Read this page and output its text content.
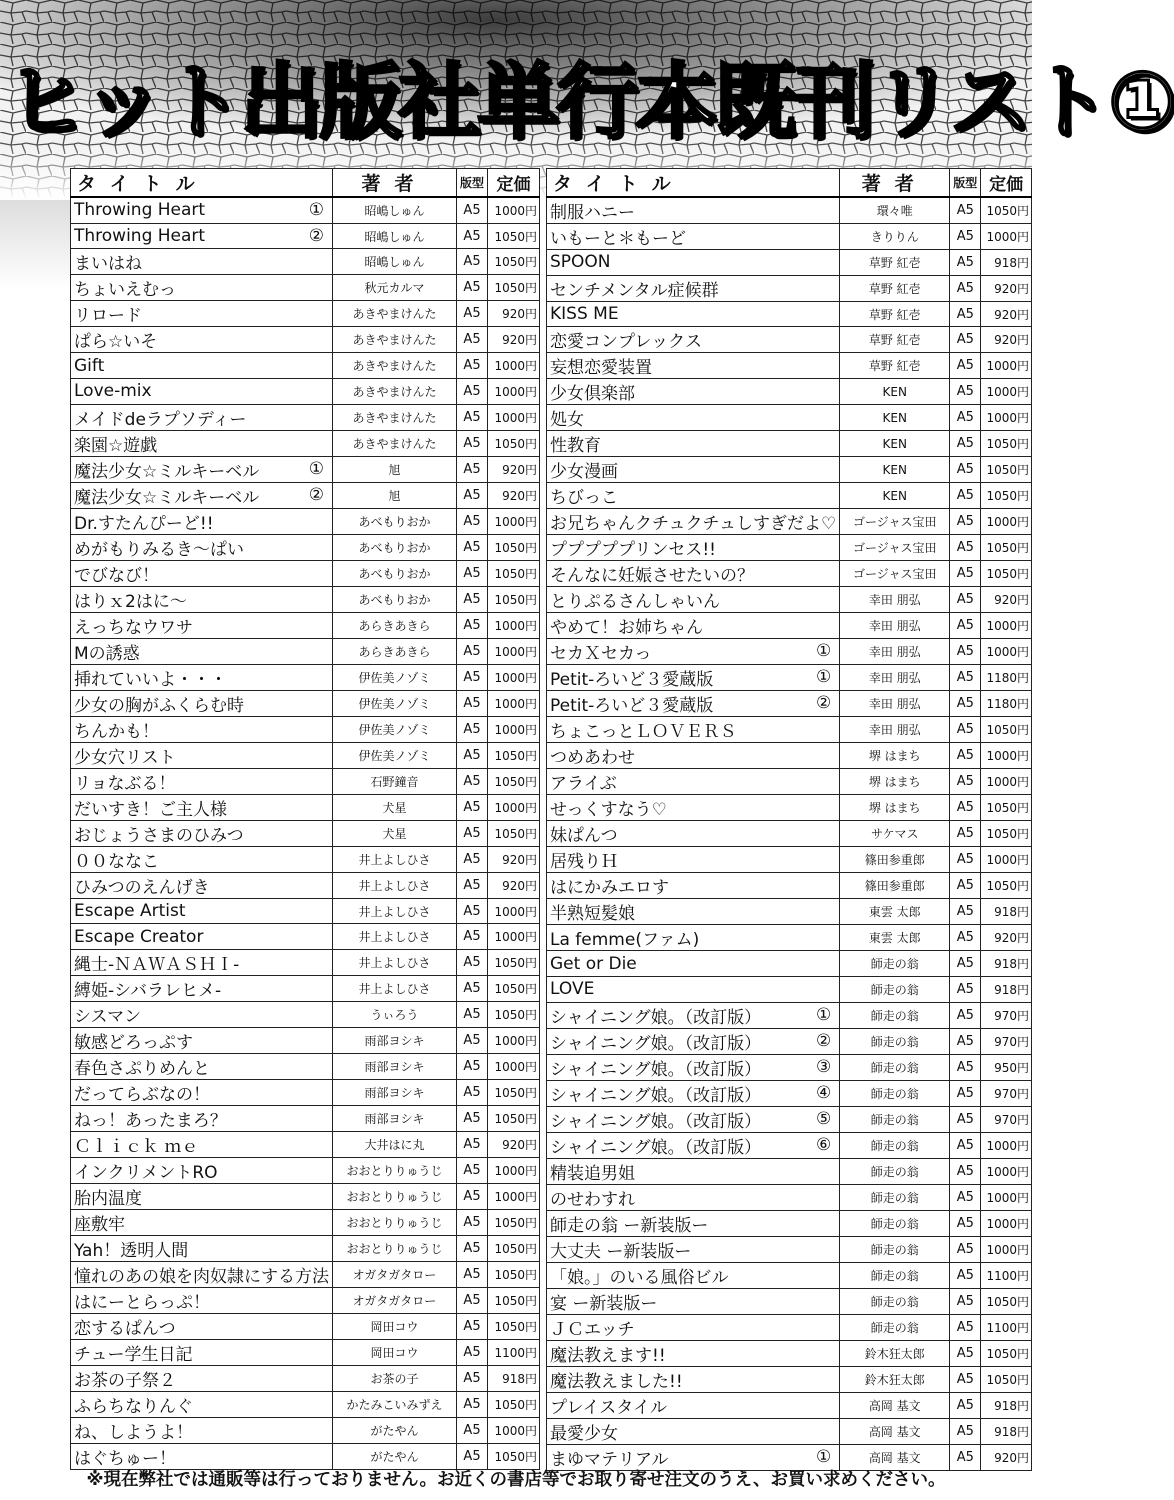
ヒット出版社単行本既刊リスト①
タイトル	著者	版型	定価
Throwing Heart ①	昭嶋しゅん	A5	1000円
Throwing Heart ②	昭嶋しゅん	A5	1050円
まいはね	昭嶋しゅん	A5	1050円
ちょいえむっ	秋元カルマ	A5	1050円
リロード	あきやまけんた	A5	920円
ぱら☆いそ	あきやまけんた	A5	920円
Gift	あきやまけんた	A5	1000円
Love-mix	あきやまけんた	A5	1000円
メイドdeラプソディー	あきやまけんた	A5	1000円
楽園☆遊戯	あきやまけんた	A5	1050円
魔法少女☆ミルキーベル ①	旭	A5	920円
魔法少女☆ミルキーベル ②	旭	A5	920円
Dr.すたんぴーど!!	あべもりおか	A5	1000円
めがもりみるき～ぱい	あべもりおか	A5	1050円
でびなび！	あべもりおか	A5	1050円
はりｘ2はに～	あべもりおか	A5	1050円
えっちなウワサ	あらきあきら	A5	1000円
Mの誘惑	あらきあきら	A5	1000円
挿れていいよ・・・	伊佐美ノゾミ	A5	1000円
少女の胸がふくらむ時	伊佐美ノゾミ	A5	1000円
ちんかも！	伊佐美ノゾミ	A5	1000円
少女穴リスト	伊佐美ノゾミ	A5	1050円
リョなぶる！	石野鐘音	A5	1050円
だいすき！ご主人様	犬星	A5	1000円
おじょうさまのひみつ	犬星	A5	1050円
００ななこ	井上よしひさ	A5	920円
ひみつのえんげき	井上よしひさ	A5	920円
Escape Artist	井上よしひさ	A5	1000円
Escape Creator	井上よしひさ	A5	1000円
縄士-ＮＡＷＡＳＨＩ-	井上よしひさ	A5	1050円
縛姫-シバラレヒメ-	井上よしひさ	A5	1050円
シスマン	うぃろう	A5	1050円
敏感どろっぷす	雨部ヨシキ	A5	1000円
春色さぷりめんと	雨部ヨシキ	A5	1000円
だってらぶなの！	雨部ヨシキ	A5	1050円
ねっ！あったまろ？	雨部ヨシキ	A5	1050円
Ｃｌｉｃｋ ｍｅ	大井はに丸	A5	920円
インクリメントRO	おおとりりゅうじ	A5	1000円
胎内温度	おおとりりゅうじ	A5	1000円
座敷牢	おおとりりゅうじ	A5	1050円
Yah！透明人間	おおとりりゅうじ	A5	1050円
憧れのあの娘を肉奴隷にする方法	オガタガタロー	A5	1050円
はにーとらっぷ！	オガタガタロー	A5	1050円
恋するぱんつ	岡田コウ	A5	1050円
チュー学生日記	岡田コウ	A5	1100円
お茶の子祭２	お茶の子	A5	918円
ふらちなりんぐ	かたみこいみずえ	A5	1050円
ね、しようよ！	がたやん	A5	1000円
はぐちゅー！	がたやん	A5	1050円
タイトル	著者	版型	定価
制服ハニー	環々唯	A5	1050円
いもーと＊もーど	きりりん	A5	1000円
SPOON	草野 紅壱	A5	918円
センチメンタル症候群	草野 紅壱	A5	920円
KISS ME	草野 紅壱	A5	920円
恋愛コンプレックス	草野 紅壱	A5	920円
妄想恋愛装置	草野 紅壱	A5	1000円
少女倶楽部	KEN	A5	1000円
処女	KEN	A5	1000円
性教育	KEN	A5	1050円
少女漫画	KEN	A5	1050円
ちびっこ	KEN	A5	1050円
お兄ちゃんクチュクチュしすぎだよ♡	ゴージャス宝田	A5	1000円
プププププリンセス!!	ゴージャス宝田	A5	1050円
そんなに妊娠させたいの？	ゴージャス宝田	A5	1050円
とりぷるさんしゃいん	幸田 朋弘	A5	920円
やめて！お姉ちゃん	幸田 朋弘	A5	1000円
セカＸセカっ ①	幸田 朋弘	A5	1000円
Petit-ろいど３愛蔵版 ①	幸田 朋弘	A5	1180円
Petit-ろいど３愛蔵版 ②	幸田 朋弘	A5	1180円
ちょこっとＬＯＶＥＲＳ	幸田 朋弘	A5	1050円
つめあわせ	堺 はまち	A5	1000円
アライぶ	堺 はまち	A5	1000円
せっくすなう♡	堺 はまち	A5	1050円
妹ぱんつ	サケマス	A5	1050円
居残りＨ	篠田参重郎	A5	1000円
はにかみエロす	篠田参重郎	A5	1050円
半熟短髪娘	東雲 太郎	A5	918円
La femme(ファム)	東雲 太郎	A5	920円
Get or Die	師走の翁	A5	918円
LOVE	師走の翁	A5	918円
シャイニング娘。（改訂版） ①	師走の翁	A5	970円
シャイニング娘。（改訂版） ②	師走の翁	A5	970円
シャイニング娘。（改訂版） ③	師走の翁	A5	950円
シャイニング娘。（改訂版） ④	師走の翁	A5	970円
シャイニング娘。（改訂版） ⑤	師走の翁	A5	970円
シャイニング娘。（改訂版） ⑥	師走の翁	A5	1000円
精装追男姐	師走の翁	A5	1000円
のせわすれ	師走の翁	A5	1000円
師走の翁 ー新装版ー	師走の翁	A5	1000円
大丈夫 ー新装版ー	師走の翁	A5	1000円
「娘。」のいる風俗ビル	師走の翁	A5	1100円
宴 ー新装版ー	師走の翁	A5	1050円
ＪＣエッチ	師走の翁	A5	1100円
魔法教えます!!	鈴木狂太郎	A5	1050円
魔法教えました!!	鈴木狂太郎	A5	1050円
プレイスタイル	高岡 基文	A5	918円
最愛少女	高岡 基文	A5	918円
まゆマテリアル ①	高岡 基文	A5	920円
※現在弊社では通販等は行っておりません。お近くの書店等でお取り寄せ注文のうえ、お買い求めください。
